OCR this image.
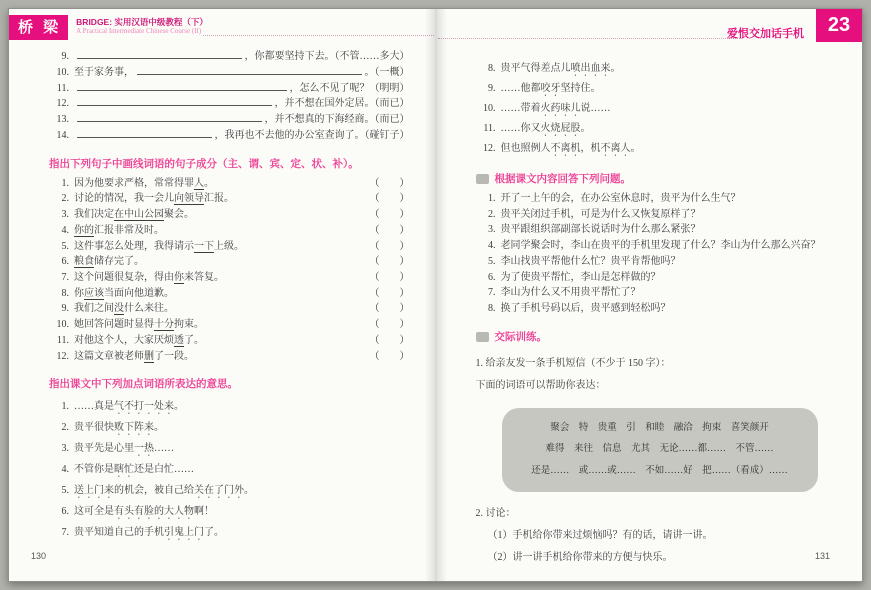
桥 梁	BRIDGE: 实用汉语中级教程（下）
A Practical Intermediate Chinese Course (II)
9.	，你都要坚持下去。（不管……多大）
10. 至于家务事，	。（一概）
11.	，怎么不见了呢？（明明）
12.	，并不想在国外定居。（而已）
13.	，并不想真的下海经商。（而已）
14.	，我再也不去他的办公室查询了。（碰钉子）
指出下列句子中画线词语的句子成分（主、谓、宾、定、状、补）。
1. 因为他要求严格，常常得罪人。	（　　）
2. 讨论的情况，我一会儿向领导汇报。	（　　）
3. 我们决定在中山公园聚会。	（　　）
4. 你的汇报非常及时。	（　　）
5. 这件事怎么处理，我得请示一下上级。	（　　）
6. 粮食储存完了。	（　　）
7. 这个问题很复杂，得由你来答复。	（　　）
8. 你应该当面向他道歉。	（　　）
9. 我们之间没什么来往。	（　　）
10. 她回答问题时显得十分拘束。	（　　）
11. 对他这个人，大家厌烦透了。	（　　）
12. 这篇文章被老师删了一段。	（　　）
指出课文中下列加点词语所表达的意思。
1. ……真是气不打一处来。
2. 贵平很快败下阵来。
3. 贵平先是心里一热……
4. 不管你是瞎忙还是白忙……
5. 送上门来的机会，被自己给关在了门外。
6. 这可全是有头有脸的大人物啊！
7. 贵平知道自己的手机引鬼上门了。
130
爱恨交加话手机	23
8. 贵平气得差点儿喷出血来。
9. ……他都咬牙坚持住。
10. ……带着火药味儿说……
11. ……你又火烧屁股。
12. 但也照例人不离机，机不离人。
根据课文内容回答下列问题。
1. 开了一上午的会，在办公室休息时，贵平为什么生气？
2. 贵平关闭过手机，可是为什么又恢复原样了？
3. 贵平跟组织部副部长说话时为什么那么紧张？
4. 老同学聚会时，李山在贵平的手机里发现了什么？李山为什么那么兴奋？
5. 李山找贵平帮他什么忙？贵平肯帮他吗？
6. 为了使贵平帮忙，李山是怎样做的？
7. 李山为什么又不用贵平帮忙了？
8. 换了手机号码以后，贵平感到轻松吗？
交际训练。
1. 给亲友发一条手机短信（不少于 150 字）：
下面的词语可以帮助你表达：
聚会　特　贵重　引　和睦　融洽　拘束　喜笑颜开
难得　来往　信息　尤其　无论……都……　不管……
还是……　或……或……　不如……好　把……（看成）……
2. 讨论：
（1）手机给你带来过烦恼吗？有的话，请讲一讲。
（2）讲一讲手机给你带来的方便与快乐。	131
